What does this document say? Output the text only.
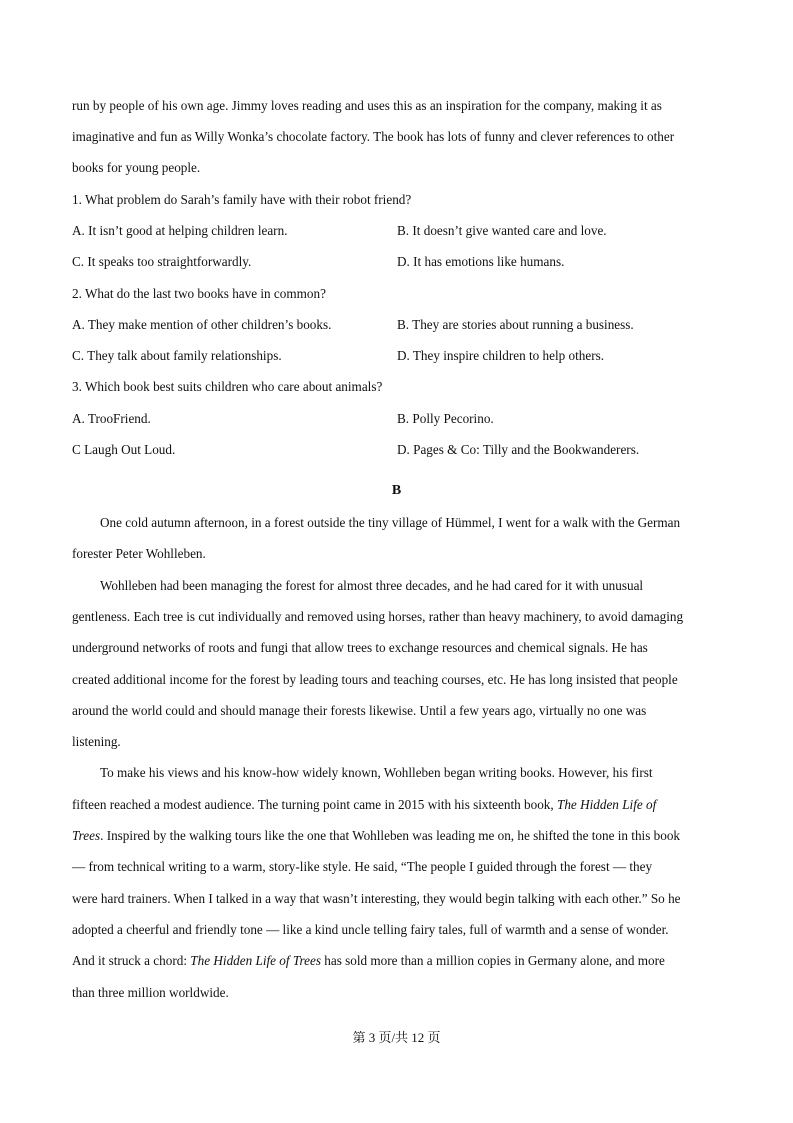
run by people of his own age. Jimmy loves reading and uses this as an inspiration for the company, making it as
imaginative and fun as Willy Wonka’s chocolate factory. The book has lots of funny and clever references to other
books for young people.
1. What problem do Sarah’s family have with their robot friend?
A. It isn’t good at helping children learn.	B. It doesn’t give wanted care and love.
C. It speaks too straightforwardly.	D. It has emotions like humans.
2. What do the last two books have in common?
A. They make mention of other children’s books.	B. They are stories about running a business.
C. They talk about family relationships.	D. They inspire children to help others.
3. Which book best suits children who care about animals?
A. TrooFriend.	B. Polly Pecorino.
C Laugh Out Loud.	D. Pages & Co: Tilly and the Bookwanderers.
B
One cold autumn afternoon, in a forest outside the tiny village of Hümmel, I went for a walk with the German
forester Peter Wohlleben.
Wohlleben had been managing the forest for almost three decades, and he had cared for it with unusual
gentleness. Each tree is cut individually and removed using horses, rather than heavy machinery, to avoid damaging
underground networks of roots and fungi that allow trees to exchange resources and chemical signals. He has
created additional income for the forest by leading tours and teaching courses, etc. He has long insisted that people
around the world could and should manage their forests likewise. Until a few years ago, virtually no one was
listening.
To make his views and his know-how widely known, Wohlleben began writing books. However, his first
fifteen reached a modest audience. The turning point came in 2015 with his sixteenth book, The Hidden Life of
Trees. Inspired by the walking tours like the one that Wohlleben was leading me on, he shifted the tone in this book
— from technical writing to a warm, story-like style. He said, “The people I guided through the forest — they
were hard trainers. When I talked in a way that wasn’t interesting, they would begin talking with each other.” So he
adopted a cheerful and friendly tone — like a kind uncle telling fairy tales, full of warmth and a sense of wonder.
And it struck a chord: The Hidden Life of Trees has sold more than a million copies in Germany alone, and more
than three million worldwide.
第 3 页/共 12 页
